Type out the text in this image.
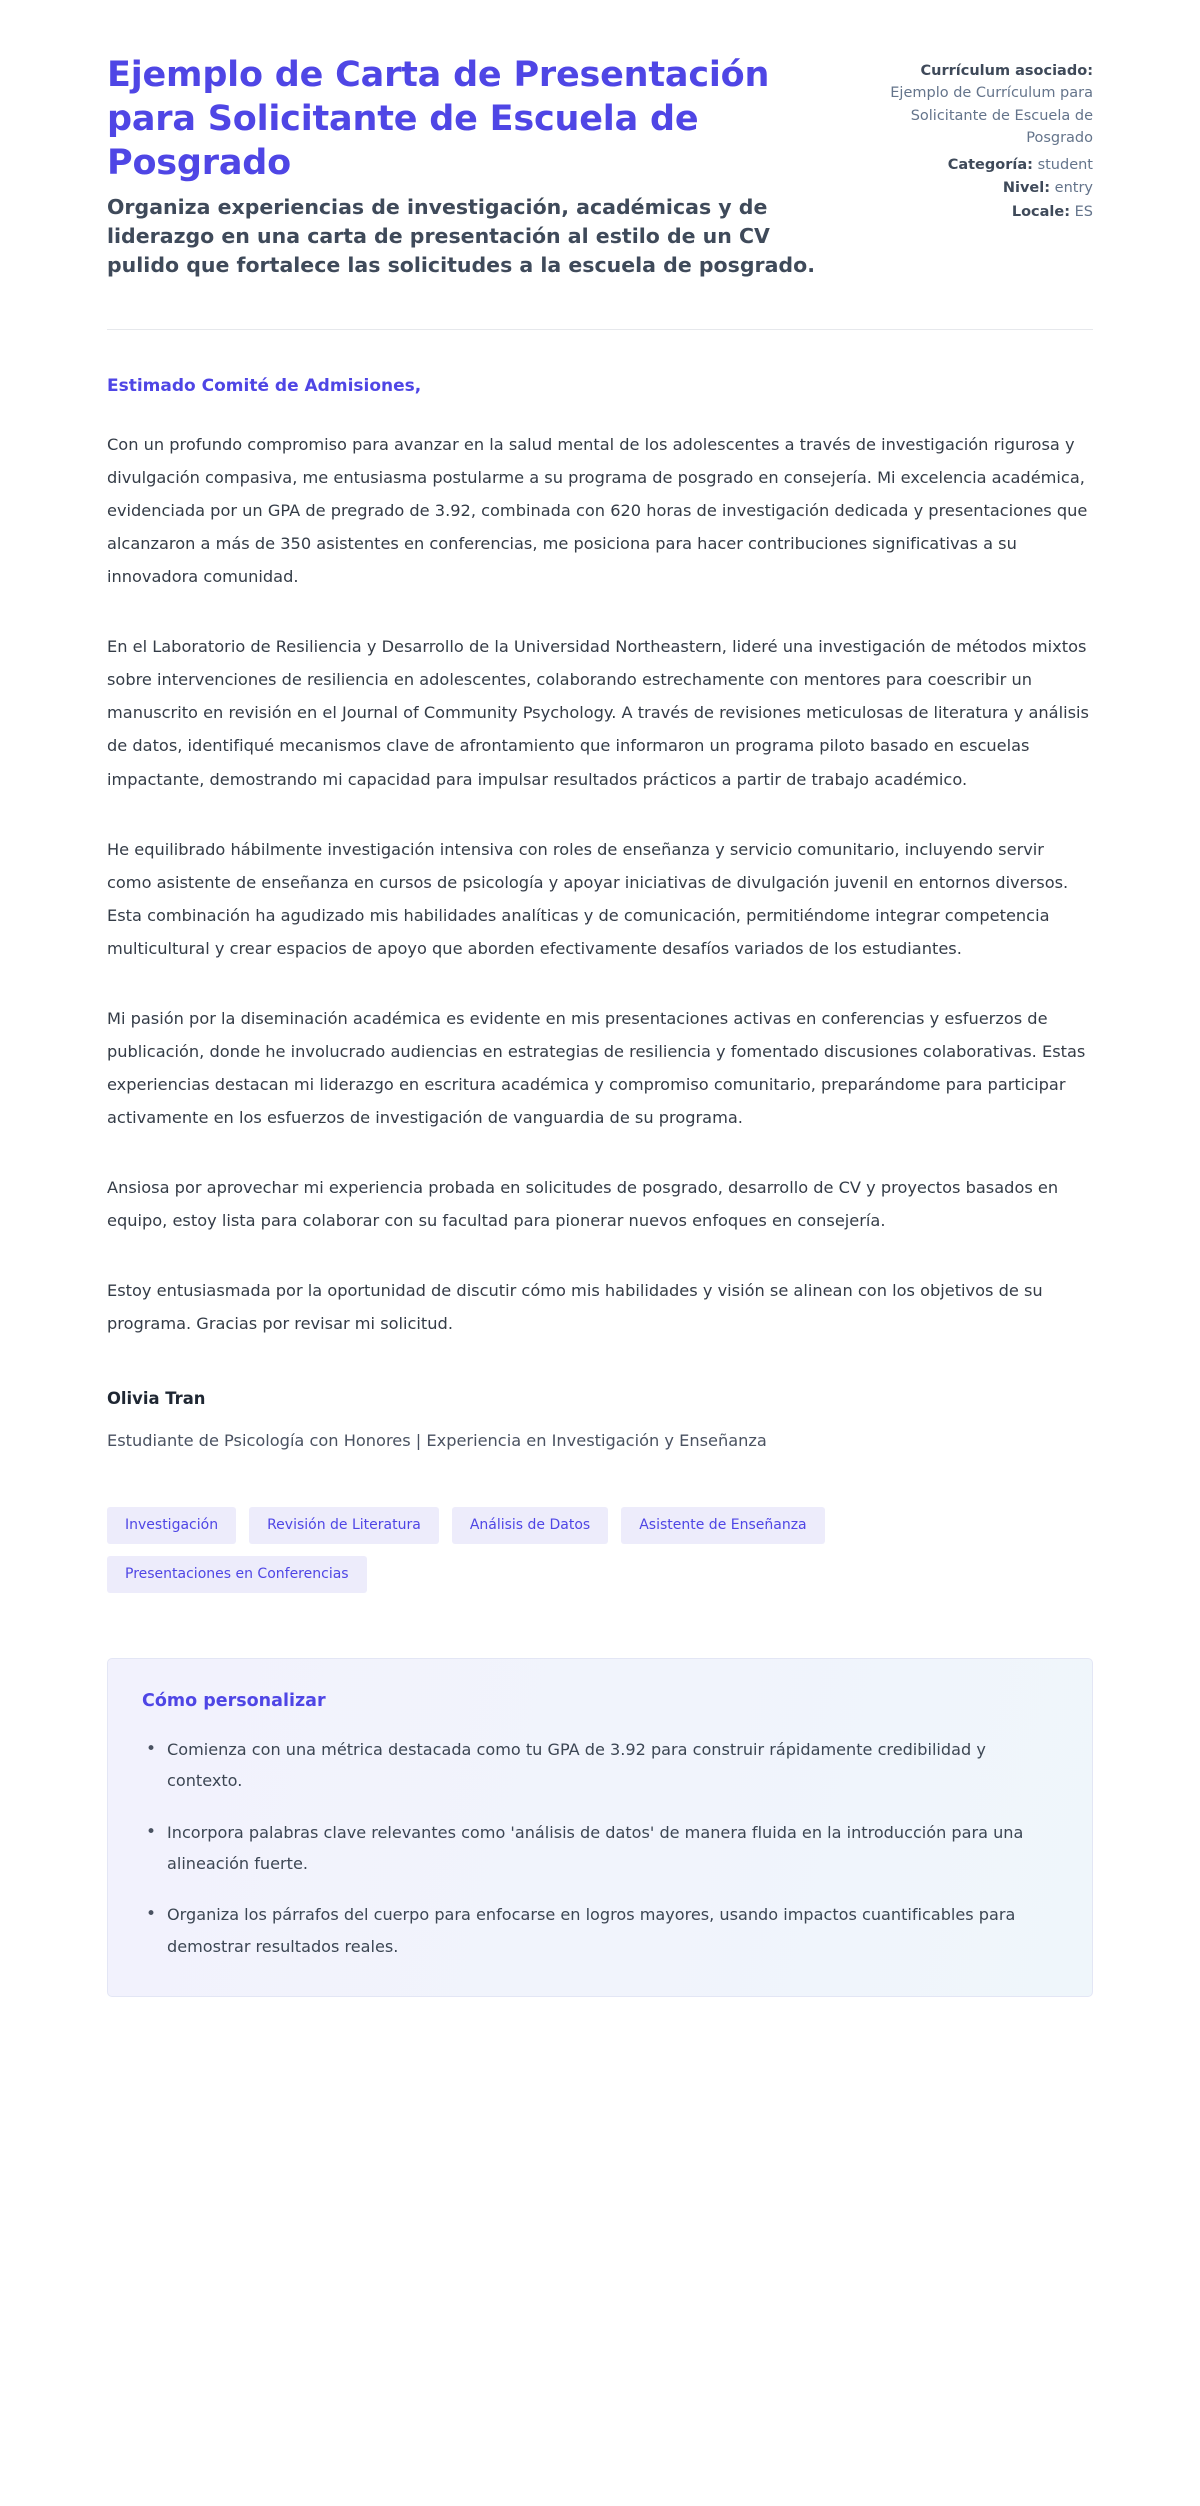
Ejemplo de Carta de Presentación para Solicitante de Escuela de Posgrado

Organiza experiencias de investigación, académicas y de liderazgo en una carta de presentación al estilo de un CV pulido que fortalece las solicitudes a la escuela de posgrado.

Currículum asociado: Ejemplo de Currículum para Solicitante de Escuela de Posgrado
Categoría: student
Nivel: entry
Locale: ES

Estimado Comité de Admisiones,

Con un profundo compromiso para avanzar en la salud mental de los adolescentes a través de investigación rigurosa y divulgación compasiva, me entusiasma postularme a su programa de posgrado en consejería. Mi excelencia académica, evidenciada por un GPA de pregrado de 3.92, combinada con 620 horas de investigación dedicada y presentaciones que alcanzaron a más de 350 asistentes en conferencias, me posiciona para hacer contribuciones significativas a su innovadora comunidad.

En el Laboratorio de Resiliencia y Desarrollo de la Universidad Northeastern, lideré una investigación de métodos mixtos sobre intervenciones de resiliencia en adolescentes, colaborando estrechamente con mentores para coescribir un manuscrito en revisión en el Journal of Community Psychology. A través de revisiones meticulosas de literatura y análisis de datos, identifiqué mecanismos clave de afrontamiento que informaron un programa piloto basado en escuelas impactante, demostrando mi capacidad para impulsar resultados prácticos a partir de trabajo académico.

He equilibrado hábilmente investigación intensiva con roles de enseñanza y servicio comunitario, incluyendo servir como asistente de enseñanza en cursos de psicología y apoyar iniciativas de divulgación juvenil en entornos diversos. Esta combinación ha agudizado mis habilidades analíticas y de comunicación, permitiéndome integrar competencia multicultural y crear espacios de apoyo que aborden efectivamente desafíos variados de los estudiantes.

Mi pasión por la diseminación académica es evidente en mis presentaciones activas en conferencias y esfuerzos de publicación, donde he involucrado audiencias en estrategias de resiliencia y fomentado discusiones colaborativas. Estas experiencias destacan mi liderazgo en escritura académica y compromiso comunitario, preparándome para participar activamente en los esfuerzos de investigación de vanguardia de su programa.

Ansiosa por aprovechar mi experiencia probada en solicitudes de posgrado, desarrollo de CV y proyectos basados en equipo, estoy lista para colaborar con su facultad para pionerar nuevos enfoques en consejería.

Estoy entusiasmada por la oportunidad de discutir cómo mis habilidades y visión se alinean con los objetivos de su programa. Gracias por revisar mi solicitud.

Olivia Tran

Estudiante de Psicología con Honores | Experiencia en Investigación y Enseñanza

Investigación	Revisión de Literatura	Análisis de Datos	Asistente de Enseñanza
Presentaciones en Conferencias
Cómo personalizar
• Comienza con una métrica destacada como tu GPA de 3.92 para construir rápidamente credibilidad y contexto.
• Incorpora palabras clave relevantes como 'análisis de datos' de manera fluida en la introducción para una alineación fuerte.
• Organiza los párrafos del cuerpo para enfocarse en logros mayores, usando impactos cuantificables para demostrar resultados reales.
